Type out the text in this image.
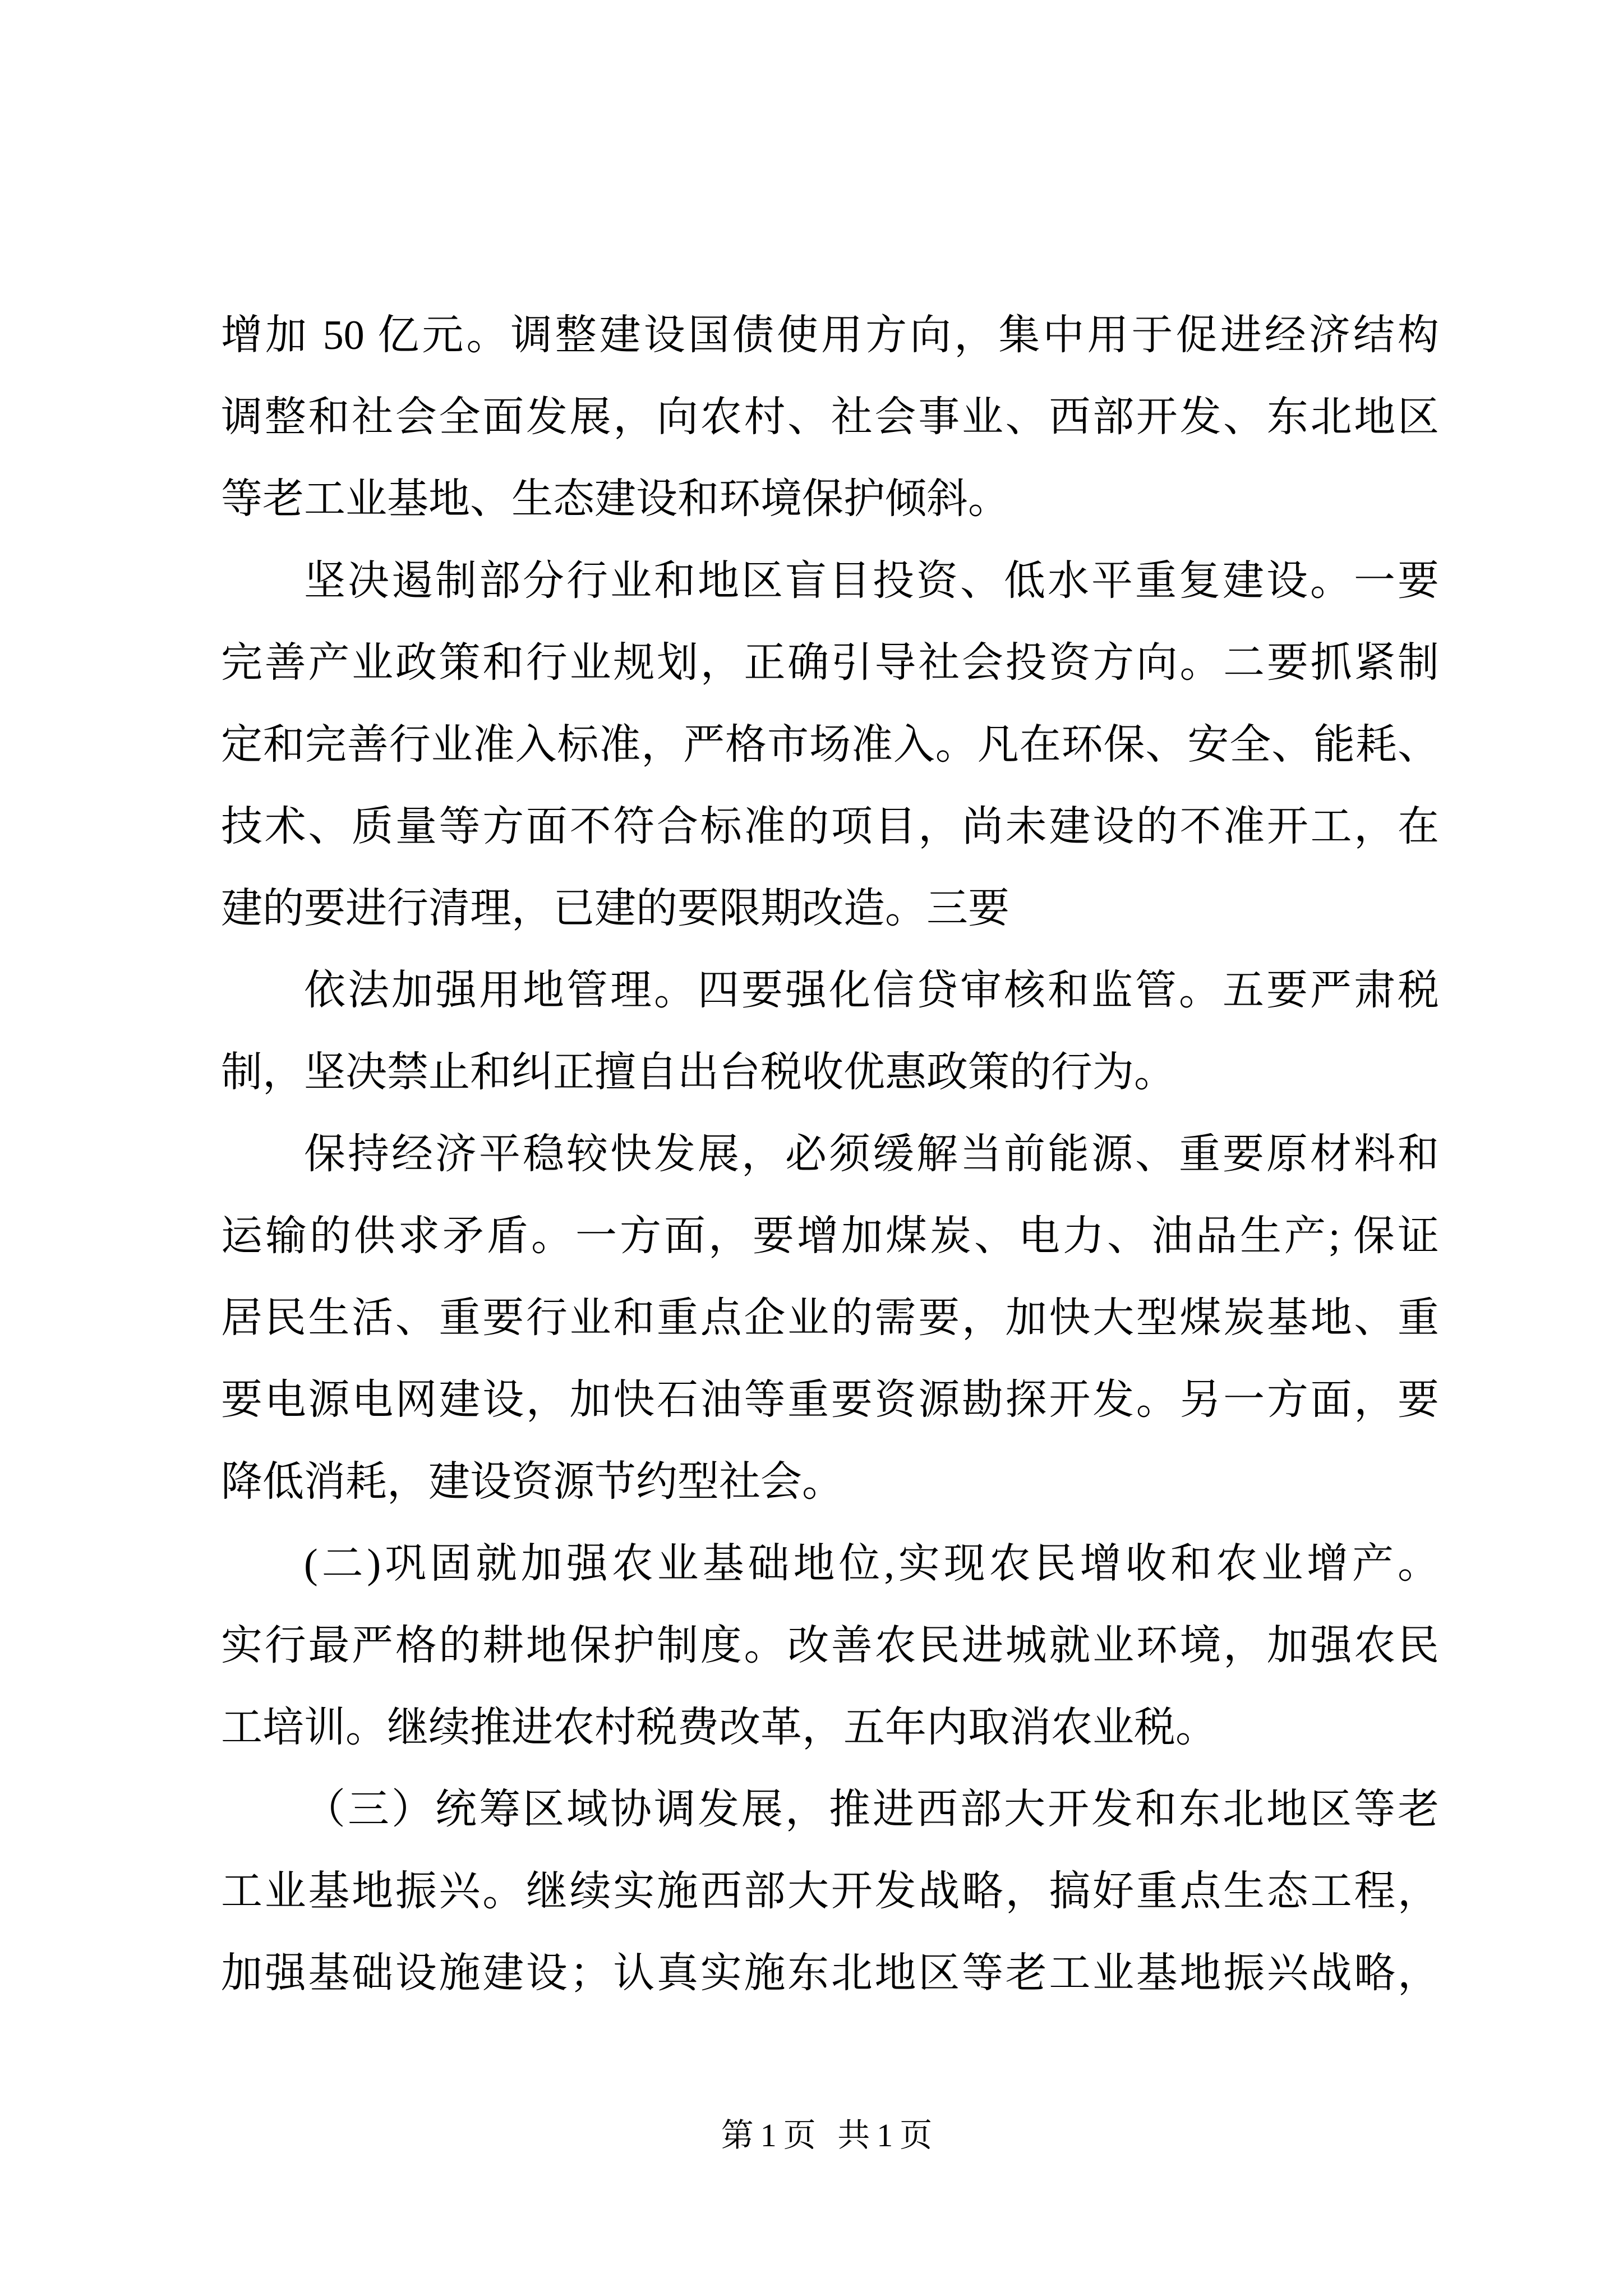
增加 50 亿元。调整建设国债使用方向，集中用于促进经济结构
调整和社会全面发展，向农村、社会事业、西部开发、东北地区
等老工业基地、生态建设和环境保护倾斜。
坚决遏制部分行业和地区盲目投资、低水平重复建设。一要
完善产业政策和行业规划，正确引导社会投资方向。二要抓紧制
定和完善行业准入标准，严格市场准入。凡在环保、安全、能耗、
技术、质量等方面不符合标准的项目，尚未建设的不准开工，在
建的要进行清理，已建的要限期改造。三要
依法加强用地管理。四要强化信贷审核和监管。五要严肃税
制，坚决禁止和纠正擅自出台税收优惠政策的行为。
保持经济平稳较快发展，必须缓解当前能源、重要原材料和
运输的供求矛盾。一方面，要增加煤炭、电力、油品生产; 保证
居民生活、重要行业和重点企业的需要，加快大型煤炭基地、重
要电源电网建设，加快石油等重要资源勘探开发。另一方面，要
降低消耗，建设资源节约型社会。
(二)巩固就加强农业基础地位,实现农民增收和农业增产。
实行最严格的耕地保护制度。改善农民进城就业环境，加强农民
工培训。继续推进农村税费改革，五年内取消农业税。
（三）统筹区域协调发展，推进西部大开发和东北地区等老
工业基地振兴。继续实施西部大开发战略，搞好重点生态工程，
加强基础设施建设；认真实施东北地区等老工业基地振兴战略，
第1页 共1页
